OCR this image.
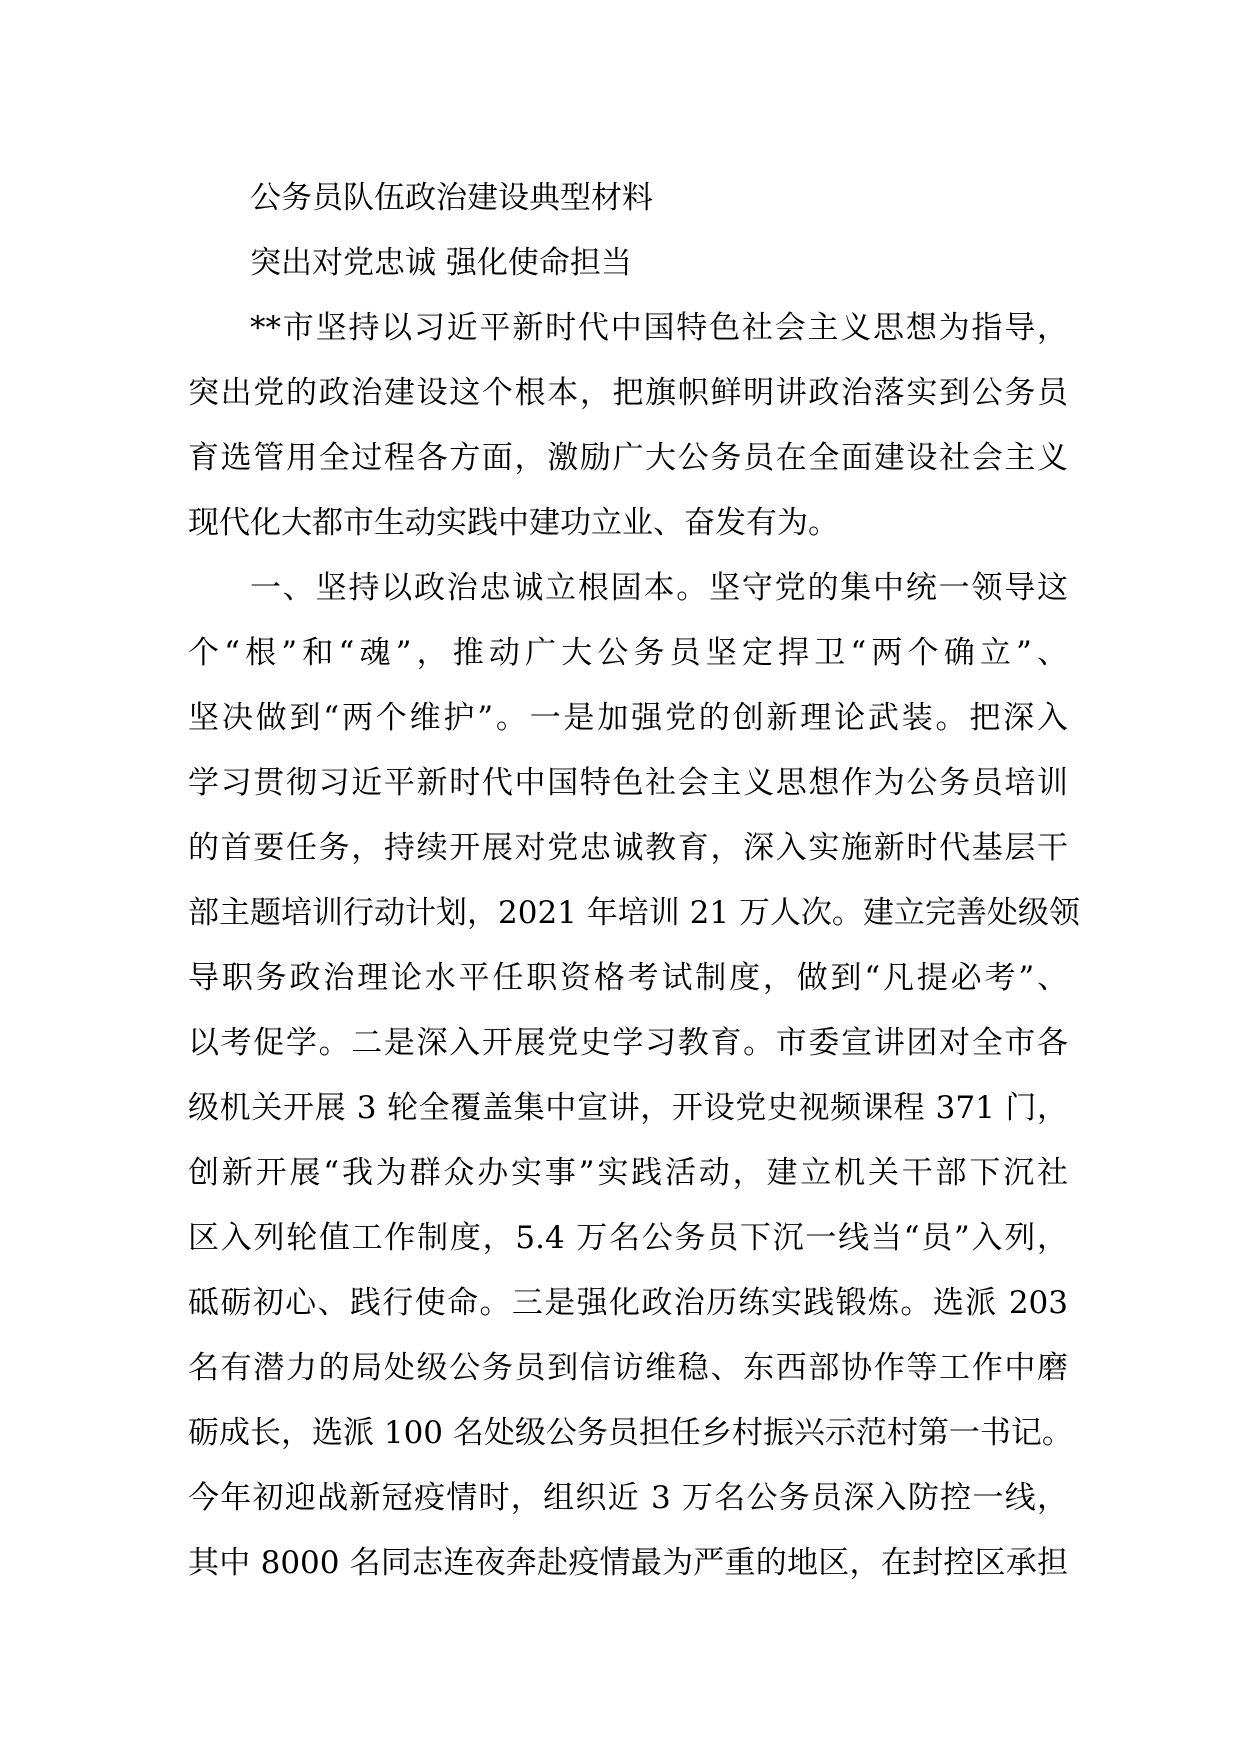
公务员队伍政治建设典型材料
突出对党忠诚 强化使命担当
**市坚持以习近平新时代中国特色社会主义思想为指导，
突出党的政治建设这个根本，把旗帜鲜明讲政治落实到公务员
育选管用全过程各方面，激励广大公务员在全面建设社会主义
现代化大都市生动实践中建功立业、奋发有为。
一、坚持以政治忠诚立根固本。坚守党的集中统一领导这
个“根”和“魂”，推动广大公务员坚定捍卫“两个确立”、
坚决做到“两个维护”。一是加强党的创新理论武装。把深入
学习贯彻习近平新时代中国特色社会主义思想作为公务员培训
的首要任务，持续开展对党忠诚教育，深入实施新时代基层干
部主题培训行动计划，2021 年培训 21 万人次。建立完善处级领
导职务政治理论水平任职资格考试制度，做到“凡提必考”、
以考促学。二是深入开展党史学习教育。市委宣讲团对全市各
级机关开展 3 轮全覆盖集中宣讲，开设党史视频课程 371 门，
创新开展“我为群众办实事”实践活动，建立机关干部下沉社
区入列轮值工作制度，5.4 万名公务员下沉一线当“员”入列，
砥砺初心、践行使命。三是强化政治历练实践锻炼。选派 203
名有潜力的局处级公务员到信访维稳、东西部协作等工作中磨
砺成长，选派 100 名处级公务员担任乡村振兴示范村第一书记。
今年初迎战新冠疫情时，组织近 3 万名公务员深入防控一线，
其中 8000 名同志连夜奔赴疫情最为严重的地区，在封控区承担
